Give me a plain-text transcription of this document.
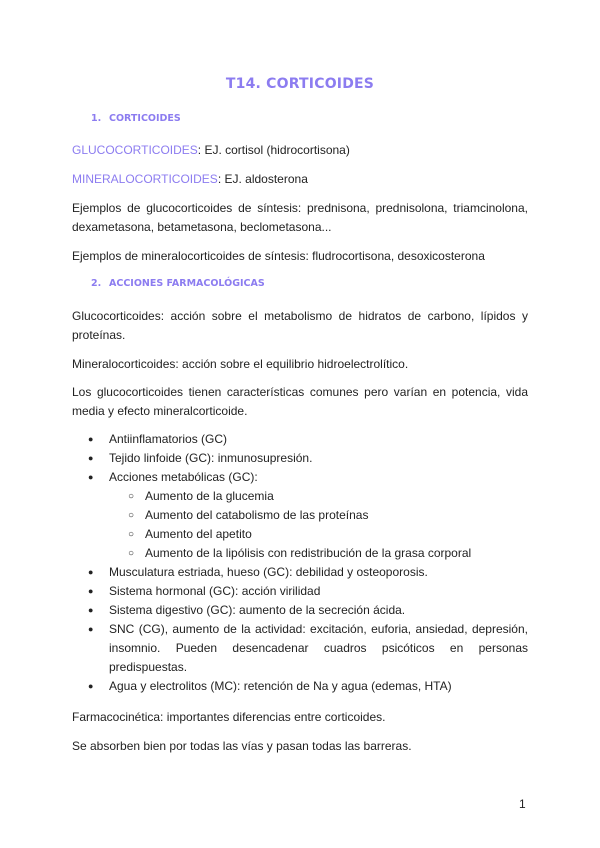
T14. CORTICOIDES
1. CORTICOIDES

GLUCOCORTICOIDES: EJ. cortisol (hidrocortisona)

MINERALOCORTICOIDES: EJ. aldosterona

Ejemplos de glucocorticoides de síntesis: prednisona, prednisolona, triamcinolona, dexametasona, betametasona, beclometasona...

Ejemplos de mineralocorticoides de síntesis: fludrocortisona, desoxicosterona

2. ACCIONES FARMACOLÓGICAS

Glucocorticoides: acción sobre el metabolismo de hidratos de carbono, lípidos y proteínas.

Mineralocorticoides: acción sobre el equilibrio hidroelectrolítico.

Los glucocorticoides tienen características comunes pero varían en potencia, vida media y efecto mineralcorticoide.

● Antiinflamatorios (GC)
● Tejido linfoide (GC): inmunosupresión.
● Acciones metabólicas (GC):
○ Aumento de la glucemia
○ Aumento del catabolismo de las proteínas
○ Aumento del apetito
○ Aumento de la lipólisis con redistribución de la grasa corporal
● Musculatura estriada, hueso (GC): debilidad y osteoporosis.
● Sistema hormonal (GC): acción virilidad
● Sistema digestivo (GC): aumento de la secreción ácida.
● SNC (CG), aumento de la actividad: excitación, euforia, ansiedad, depresión, insomnio. Pueden desencadenar cuadros psicóticos en personas predispuestas.
● Agua y electrolitos (MC): retención de Na y agua (edemas, HTA)

Farmacocinética: importantes diferencias entre corticoides.

Se absorben bien por todas las vías y pasan todas las barreras.

1
